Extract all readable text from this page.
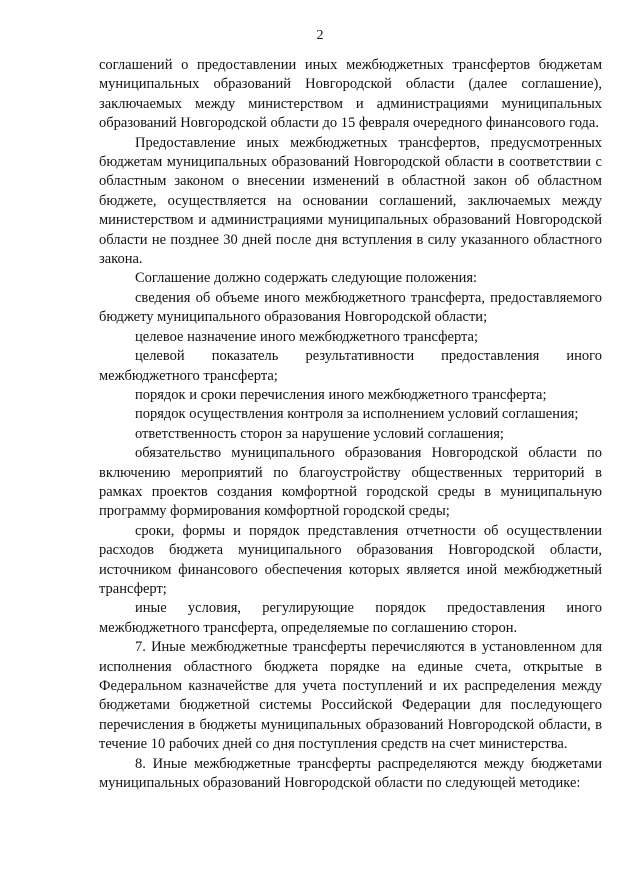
2

соглашений о предоставлении иных межбюджетных трансфертов бюджетам муниципальных образований Новгородской области (далее соглашение), заключаемых между министерством и администрациями муниципальных образований Новгородской области до 15 февраля очередного финансового года.

Предоставление иных межбюджетных трансфертов, предусмотренных бюджетам муниципальных образований Новгородской области в соответствии с областным законом о внесении изменений в областной закон об областном бюджете, осуществляется на основании соглашений, заключаемых между министерством и администрациями муниципальных образований Новгородской области не позднее 30 дней после дня вступления в силу указанного областного закона.

Соглашение должно содержать следующие положения:

сведения об объеме иного межбюджетного трансферта, предоставляемого бюджету муниципального образования Новгородской области;

целевое назначение иного межбюджетного трансферта;

целевой показатель результативности предоставления иного межбюджетного трансферта;

порядок и сроки перечисления иного межбюджетного трансферта;

порядок осуществления контроля за исполнением условий соглашения;

ответственность сторон за нарушение условий соглашения;

обязательство муниципального образования Новгородской области по включению мероприятий по благоустройству общественных территорий в рамках проектов создания комфортной городской среды в муниципальную программу формирования комфортной городской среды;

сроки, формы и порядок представления отчетности об осуществлении расходов бюджета муниципального образования Новгородской области, источником финансового обеспечения которых является иной межбюджетный трансферт;

иные условия, регулирующие порядок предоставления иного межбюджетного трансферта, определяемые по соглашению сторон.

7. Иные межбюджетные трансферты перечисляются в установленном для исполнения областного бюджета порядке на единые счета, открытые в Федеральном казначействе для учета поступлений и их распределения между бюджетами бюджетной системы Российской Федерации для последующего перечисления в бюджеты муниципальных образований Новгородской области, в течение 10 рабочих дней со дня поступления средств на счет министерства.

8. Иные межбюджетные трансферты распределяются между бюджетами муниципальных образований Новгородской области по следующей методике:
